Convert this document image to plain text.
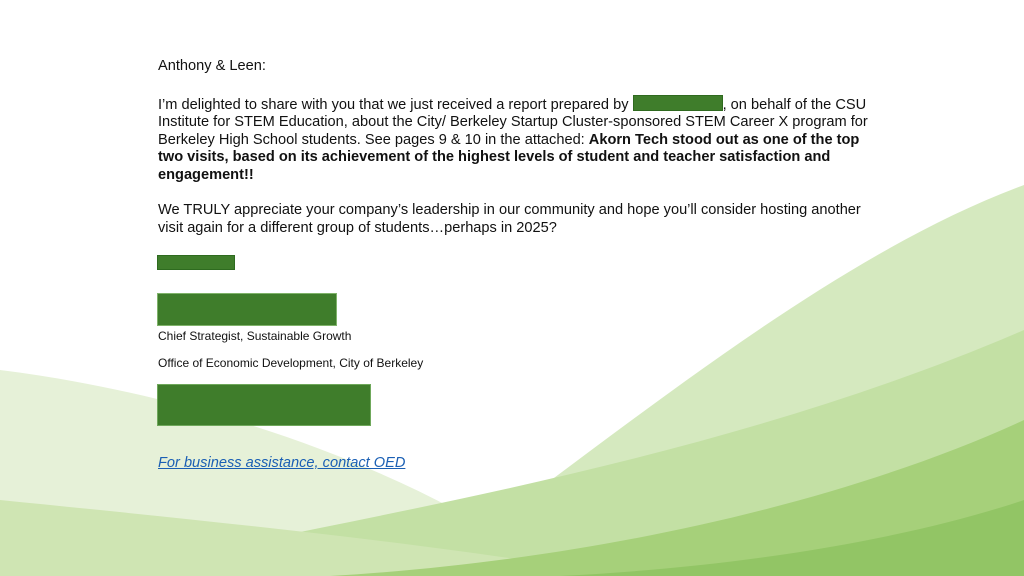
Anthony & Leen:

I’m delighted to share with you that we just received a report prepared by	, on behalf of the CSU Institute for STEM Education, about the City/ Berkeley Startup Cluster-sponsored STEM Career X program for Berkeley High School students. See pages 9 & 10 in the attached: Akorn Tech stood out as one of the top two visits, based on its achievement of the highest levels of student and teacher satisfaction and engagement!!

We TRULY appreciate your company’s leadership in our community and hope you’ll consider hosting another visit again for a different group of students…perhaps in 2025?

Chief Strategist, Sustainable Growth
Office of Economic Development, City of Berkeley
For business assistance, contact OED
